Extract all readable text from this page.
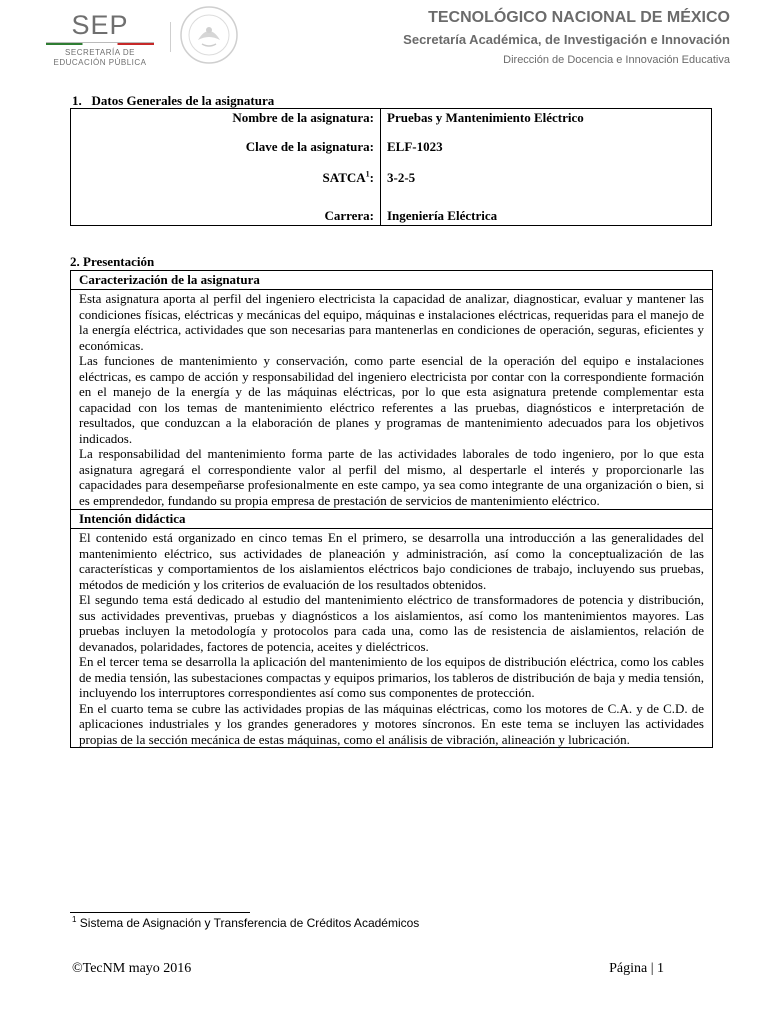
SEP
SECRETARÍA DE
EDUCACIÓN PÚBLICA
TECNOLÓGICO NACIONAL DE MÉXICO
Secretaría Académica, de Investigación e Innovación
Dirección de Docencia e Innovación Educativa
1.   Datos Generales de la asignatura
Nombre de la asignatura:	Pruebas y Mantenimiento Eléctrico
Clave de la asignatura:	ELF-1023
SATCA$^1$:	3-2-5
Carrera:	Ingeniería Eléctrica
2. Presentación
Caracterización de la asignatura

Esta asignatura aporta al perfil del ingeniero electricista la capacidad de analizar, diagnosticar, evaluar y mantener las condiciones físicas, eléctricas y mecánicas del equipo, máquinas e instalaciones eléctricas, requeridas para el manejo de la energía eléctrica, actividades que son necesarias para mantenerlas en condiciones de operación, seguras, eficientes y económicas.

Las funciones de mantenimiento y conservación, como parte esencial de la operación del equipo e instalaciones eléctricas, es campo de acción y responsabilidad del ingeniero electricista por contar con la correspondiente formación en el manejo de la energía y de las máquinas eléctricas, por lo que esta asignatura pretende complementar esta capacidad con los temas de mantenimiento eléctrico referentes a las pruebas, diagnósticos e interpretación de resultados, que conduzcan a la elaboración de planes y programas de mantenimiento adecuados para los objetivos indicados.

La responsabilidad del mantenimiento forma parte de las actividades laborales de todo ingeniero, por lo que esta asignatura agregará el correspondiente valor al perfil del mismo, al despertarle el interés y proporcionarle las capacidades para desempeñarse profesionalmente en este campo, ya sea como integrante de una organización o bien, si es emprendedor, fundando su propia empresa de prestación de servicios de mantenimiento eléctrico.

Intención didáctica

El contenido está organizado en cinco temas En el primero, se desarrolla una introducción a las generalidades del mantenimiento eléctrico, sus actividades de planeación y administración, así como la conceptualización de las características y comportamientos de los aislamientos eléctricos bajo condiciones de trabajo, incluyendo sus pruebas, métodos de medición y los criterios de evaluación de los resultados obtenidos.

El segundo tema está dedicado al estudio del mantenimiento eléctrico de transformadores de potencia y distribución, sus actividades preventivas, pruebas y diagnósticos a los aislamientos, así como los mantenimientos mayores. Las pruebas incluyen la metodología y protocolos para cada una, como las de resistencia de aislamientos, relación de devanados, polaridades, factores de potencia, aceites y dieléctricos.

En el tercer tema se desarrolla la aplicación del mantenimiento de los equipos de distribución eléctrica, como los cables de media tensión, las subestaciones compactas y equipos primarios, los tableros de distribución de baja y media tensión, incluyendo los interruptores correspondientes así como sus componentes de protección.

En el cuarto tema se cubre las actividades propias de las máquinas eléctricas, como los motores de C.A. y de C.D. de aplicaciones industriales y los grandes generadores y motores síncronos. En este tema se incluyen las actividades propias de la sección mecánica de estas máquinas, como el análisis de vibración, alineación y lubricación.

$^1$ Sistema de Asignación y Transferencia de Créditos Académicos
©TecNM mayo 2016	Página | 1
